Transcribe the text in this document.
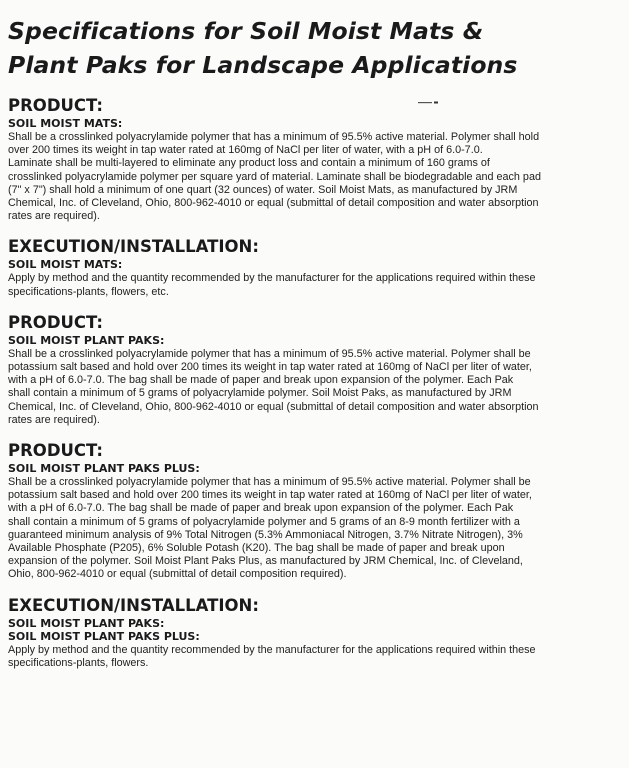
Specifications for Soil Moist Mats &
Plant Paks for Landscape Applications
PRODUCT:
SOIL MOIST MATS:
Shall be a crosslinked polyacrylamide polymer that has a minimum of 95.5% active material. Polymer shall hold
over 200 times its weight in tap water rated at 160mg of NaCl per liter of water, with a pH of 6.0-7.0.
Laminate shall be multi-layered to eliminate any product loss and contain a minimum of 160 grams of
crosslinked polyacrylamide polymer per square yard of material. Laminate shall be biodegradable and each pad
(7" x 7") shall hold a minimum of one quart (32 ounces) of water. Soil Moist Mats, as manufactured by JRM
Chemical, Inc. of Cleveland, Ohio, 800-962-4010 or equal (submittal of detail composition and water absorption
rates are required).
EXECUTION/INSTALLATION:
SOIL MOIST MATS:
Apply by method and the quantity recommended by the manufacturer for the applications required within these
specifications-plants, flowers, etc.
PRODUCT:
SOIL MOIST PLANT PAKS:
Shall be a crosslinked polyacrylamide polymer that has a minimum of 95.5% active material. Polymer shall be
potassium salt based and hold over 200 times its weight in tap water rated at 160mg of NaCl per liter of water,
with a pH of 6.0-7.0. The bag shall be made of paper and break upon expansion of the polymer. Each Pak
shall contain a minimum of 5 grams of polyacrylamide polymer. Soil Moist Paks, as manufactured by JRM
Chemical, Inc. of Cleveland, Ohio, 800-962-4010 or equal (submittal of detail composition and water absorption
rates are required).
PRODUCT:
SOIL MOIST PLANT PAKS PLUS:
Shall be a crosslinked polyacrylamide polymer that has a minimum of 95.5% active material. Polymer shall be
potassium salt based and hold over 200 times its weight in tap water rated at 160mg of NaCl per liter of water,
with a pH of 6.0-7.0. The bag shall be made of paper and break upon expansion of the polymer. Each Pak
shall contain a minimum of 5 grams of polyacrylamide polymer and 5 grams of an 8-9 month fertilizer with a
guaranteed minimum analysis of 9% Total Nitrogen (5.3% Ammoniacal Nitrogen, 3.7% Nitrate Nitrogen), 3%
Available Phosphate (P205), 6% Soluble Potash (K20). The bag shall be made of paper and break upon
expansion of the polymer. Soil Moist Plant Paks Plus, as manufactured by JRM Chemical, Inc. of Cleveland,
Ohio, 800-962-4010 or equal (submittal of detail composition required).
EXECUTION/INSTALLATION:
SOIL MOIST PLANT PAKS:
SOIL MOIST PLANT PAKS PLUS:
Apply by method and the quantity recommended by the manufacturer for the applications required within these
specifications-plants, flowers.
